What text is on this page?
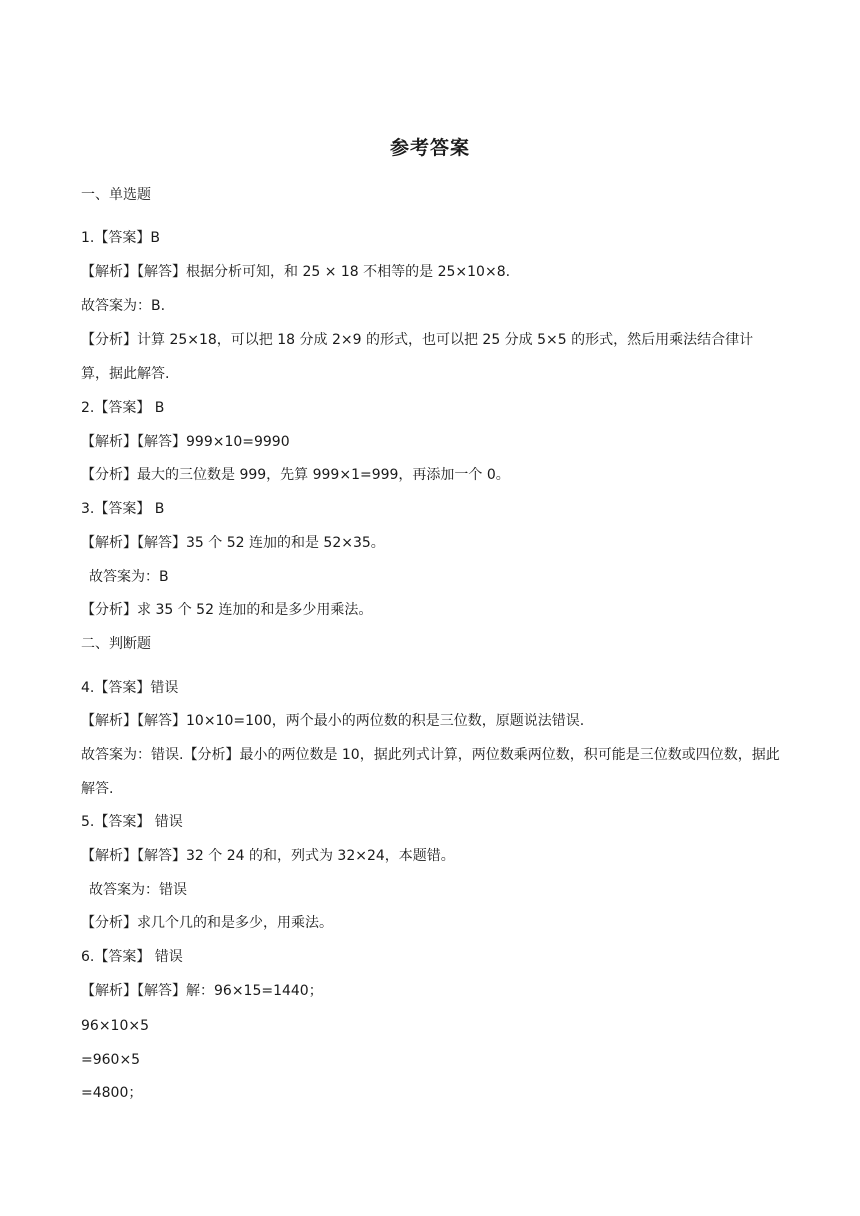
参考答案
一、单选题
1.【答案】B
【解析】【解答】根据分析可知，和 25 × 18 不相等的是 25×10×8.
故答案为：B.
【分析】计算 25×18，可以把 18 分成 2×9 的形式，也可以把 25 分成 5×5 的形式，然后用乘法结合律计算，据此解答.
2.【答案】 B
【解析】【解答】999×10=9990
【分析】最大的三位数是 999，先算 999×1=999，再添加一个 0。
3.【答案】 B
【解析】【解答】35 个 52 连加的和是 52×35。
故答案为：B
【分析】求 35 个 52 连加的和是多少用乘法。
二、判断题
4.【答案】错误
【解析】【解答】10×10=100，两个最小的两位数的积是三位数，原题说法错误.
故答案为：错误.【分析】最小的两位数是 10，据此列式计算，两位数乘两位数，积可能是三位数或四位数，据此解答.
5.【答案】 错误
【解析】【解答】32 个 24 的和，列式为 32×24，本题错。
故答案为：错误
【分析】求几个几的和是多少，用乘法。
6.【答案】 错误
【解析】【解答】解：96×15=1440；
96×10×5
=960×5
=4800；
